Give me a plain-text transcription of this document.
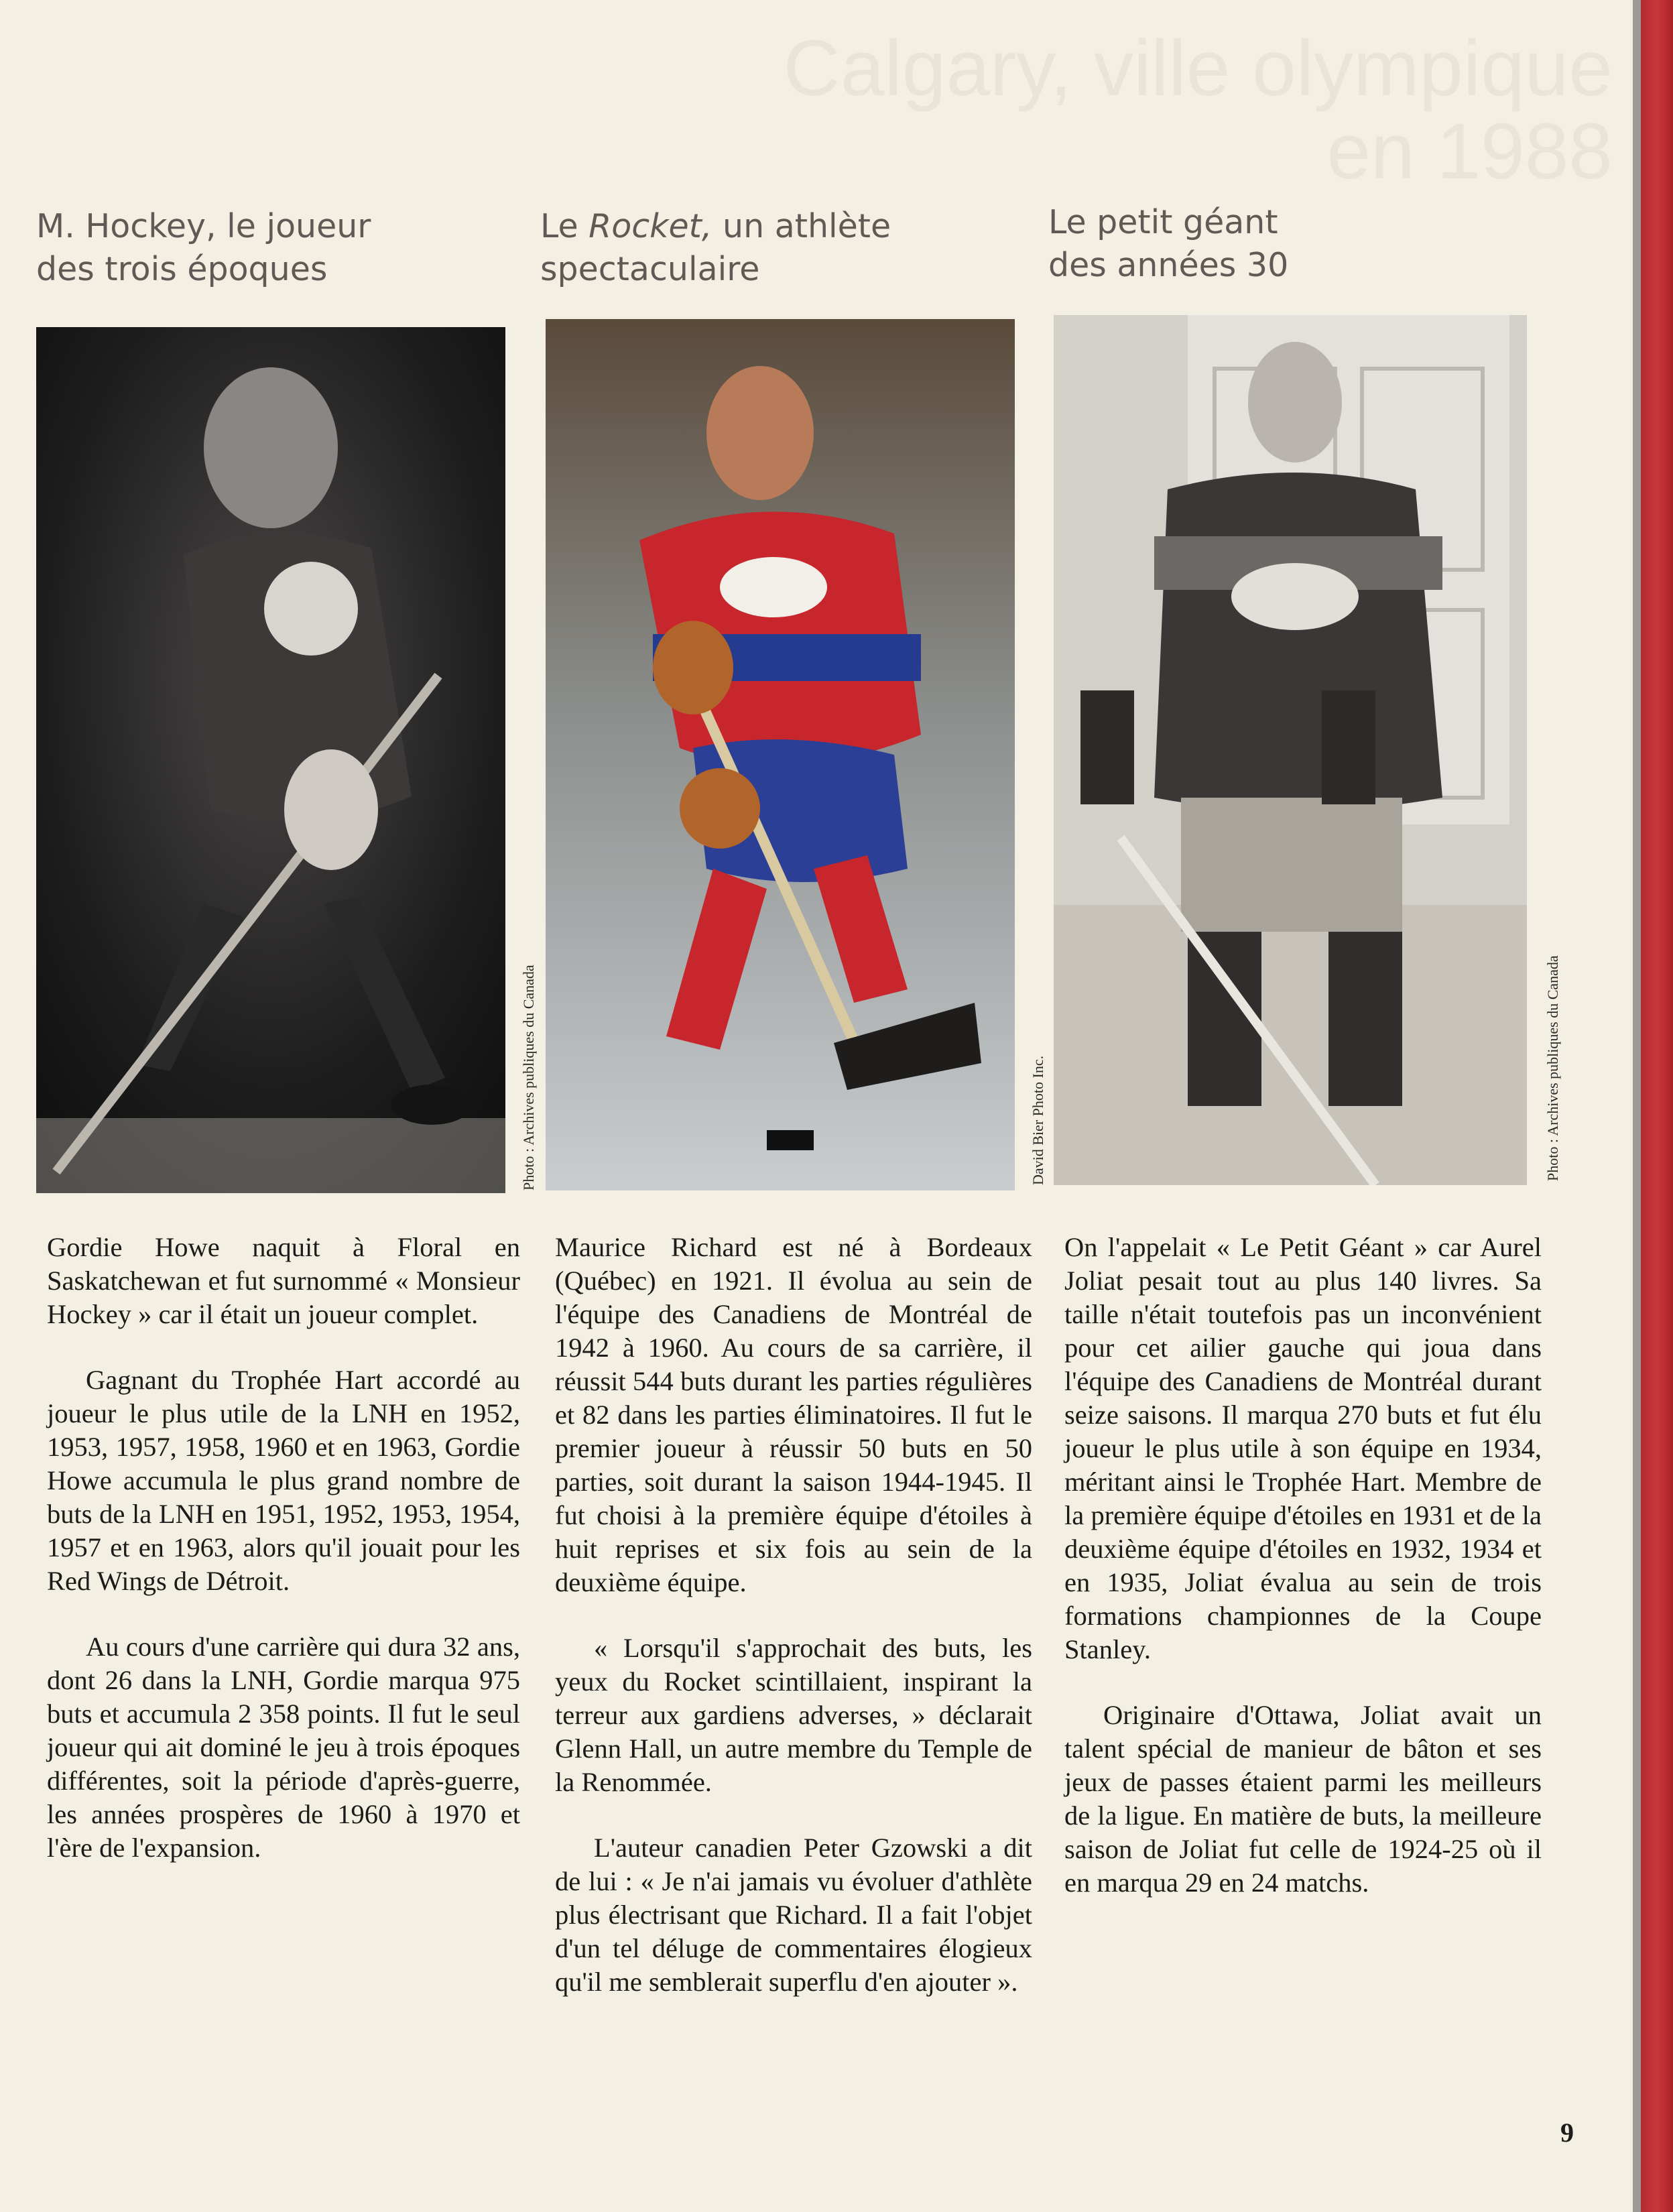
Calgary, ville olympique
en 1988
M. Hockey, le joueur
des trois époques
Le Rocket, un athlète
spectaculaire
Le petit géant
des années 30
Photo : Archives publiques du Canada	David Bier Photo Inc.	Photo : Archives publiques du Canada

Gordie Howe naquit à Floral en Saskatchewan et fut surnommé « Monsieur Hockey » car il était un joueur complet.

Gagnant du Trophée Hart accordé au joueur le plus utile de la LNH en 1952, 1953, 1957, 1958, 1960 et en 1963, Gordie Howe accumula le plus grand nombre de buts de la LNH en 1951, 1952, 1953, 1954, 1957 et en 1963, alors qu'il jouait pour les Red Wings de Détroit.

Au cours d'une carrière qui dura 32 ans, dont 26 dans la LNH, Gordie marqua 975 buts et accumula 2 358 points. Il fut le seul joueur qui ait dominé le jeu à trois époques différentes, soit la période d'après-guerre, les années prospères de 1960 à 1970 et l'ère de l'expansion.

Maurice Richard est né à Bordeaux (Québec) en 1921. Il évolua au sein de l'équipe des Canadiens de Montréal de 1942 à 1960. Au cours de sa carrière, il réussit 544 buts durant les parties régulières et 82 dans les parties éliminatoires. Il fut le premier joueur à réussir 50 buts en 50 parties, soit durant la saison 1944-1945. Il fut choisi à la première équipe d'étoiles à huit reprises et six fois au sein de la deuxième équipe.

« Lorsqu'il s'approchait des buts, les yeux du Rocket scintillaient, inspirant la terreur aux gardiens adverses, » déclarait Glenn Hall, un autre membre du Temple de la Renommée.

L'auteur canadien Peter Gzowski a dit de lui : « Je n'ai jamais vu évoluer d'athlète plus électrisant que Richard. Il a fait l'objet d'un tel déluge de commentaires élogieux qu'il me semblerait superflu d'en ajouter ».

On l'appelait « Le Petit Géant » car Aurel Joliat pesait tout au plus 140 livres. Sa taille n'était toutefois pas un inconvénient pour cet ailier gauche qui joua dans l'équipe des Canadiens de Montréal durant seize saisons. Il marqua 270 buts et fut élu joueur le plus utile à son équipe en 1934, méritant ainsi le Trophée Hart. Membre de la première équipe d'étoiles en 1931 et de la deuxième équipe d'étoiles en 1932, 1934 et en 1935, Joliat évalua au sein de trois formations championnes de la Coupe Stanley.

Originaire d'Ottawa, Joliat avait un talent spécial de manieur de bâton et ses jeux de passes étaient parmi les meilleurs de la ligue. En matière de buts, la meilleure saison de Joliat fut celle de 1924-25 où il en marqua 29 en 24 matchs.

9
